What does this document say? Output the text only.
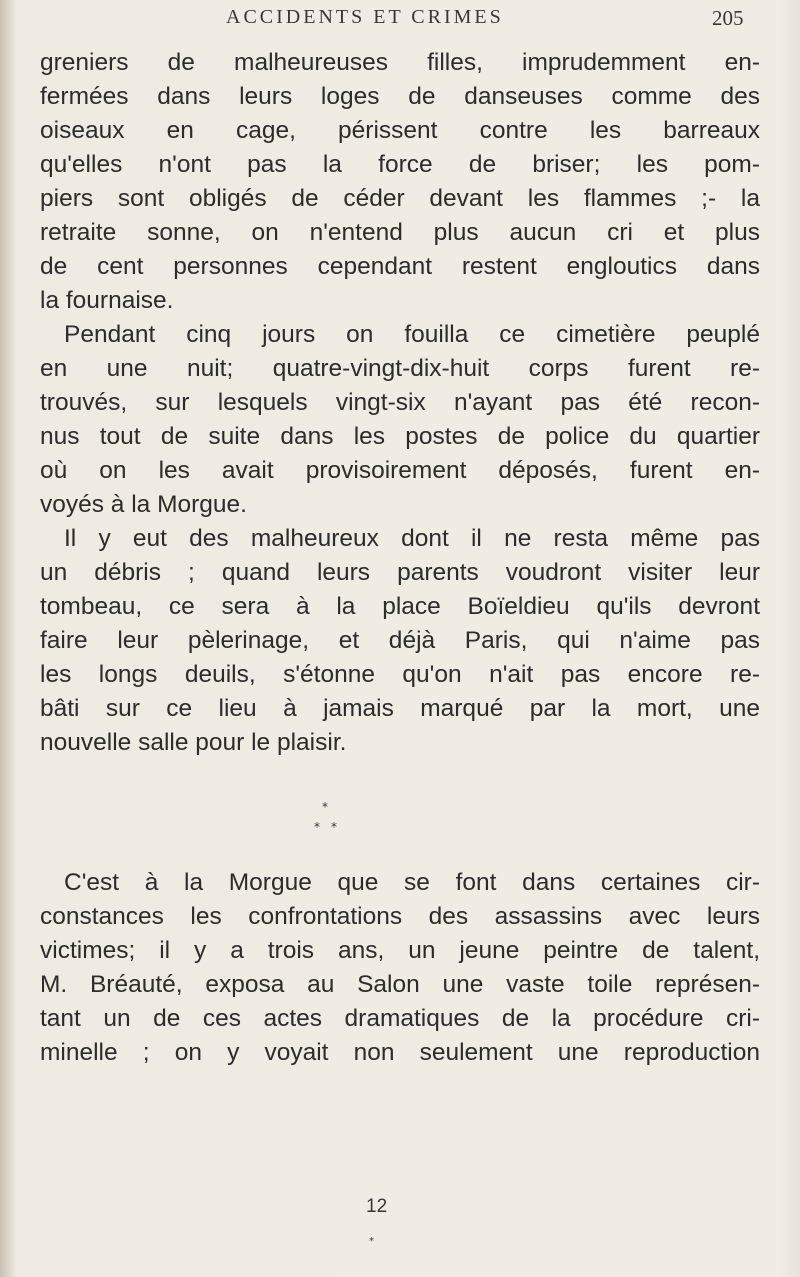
ACCIDENTS ET CRIMES	205
greniers de malheureuses filles, imprudemment en-
fermées dans leurs loges de danseuses comme des
oiseaux en cage, périssent contre les barreaux
qu'elles n'ont pas la force de briser; les pom-
piers sont obligés de céder devant les flammes ;- la
retraite sonne, on n'entend plus aucun cri et plus
de cent personnes cependant restent engloutics dans
la fournaise.
Pendant cinq jours on fouilla ce cimetière peuplé
en une nuit; quatre-vingt-dix-huit corps furent re-
trouvés, sur lesquels vingt-six n'ayant pas été recon-
nus tout de suite dans les postes de police du quartier
où on les avait provisoirement déposés, furent en-
voyés à la Morgue.
Il y eut des malheureux dont il ne resta même pas
un débris ; quand leurs parents voudront visiter leur
tombeau, ce sera à la place Boïeldieu qu'ils devront
faire leur pèlerinage, et déjà Paris, qui n'aime pas
les longs deuils, s'étonne qu'on n'ait pas encore re-
bâti sur ce lieu à jamais marqué par la mort, une
nouvelle salle pour le plaisir.
*
* *
C'est à la Morgue que se font dans certaines cir-
constances les confrontations des assassins avec leurs
victimes; il y a trois ans, un jeune peintre de talent,
M. Bréauté, exposa au Salon une vaste toile représen-
tant un de ces actes dramatiques de la procédure cri-
minelle ; on y voyait non seulement une reproduction
12
*
